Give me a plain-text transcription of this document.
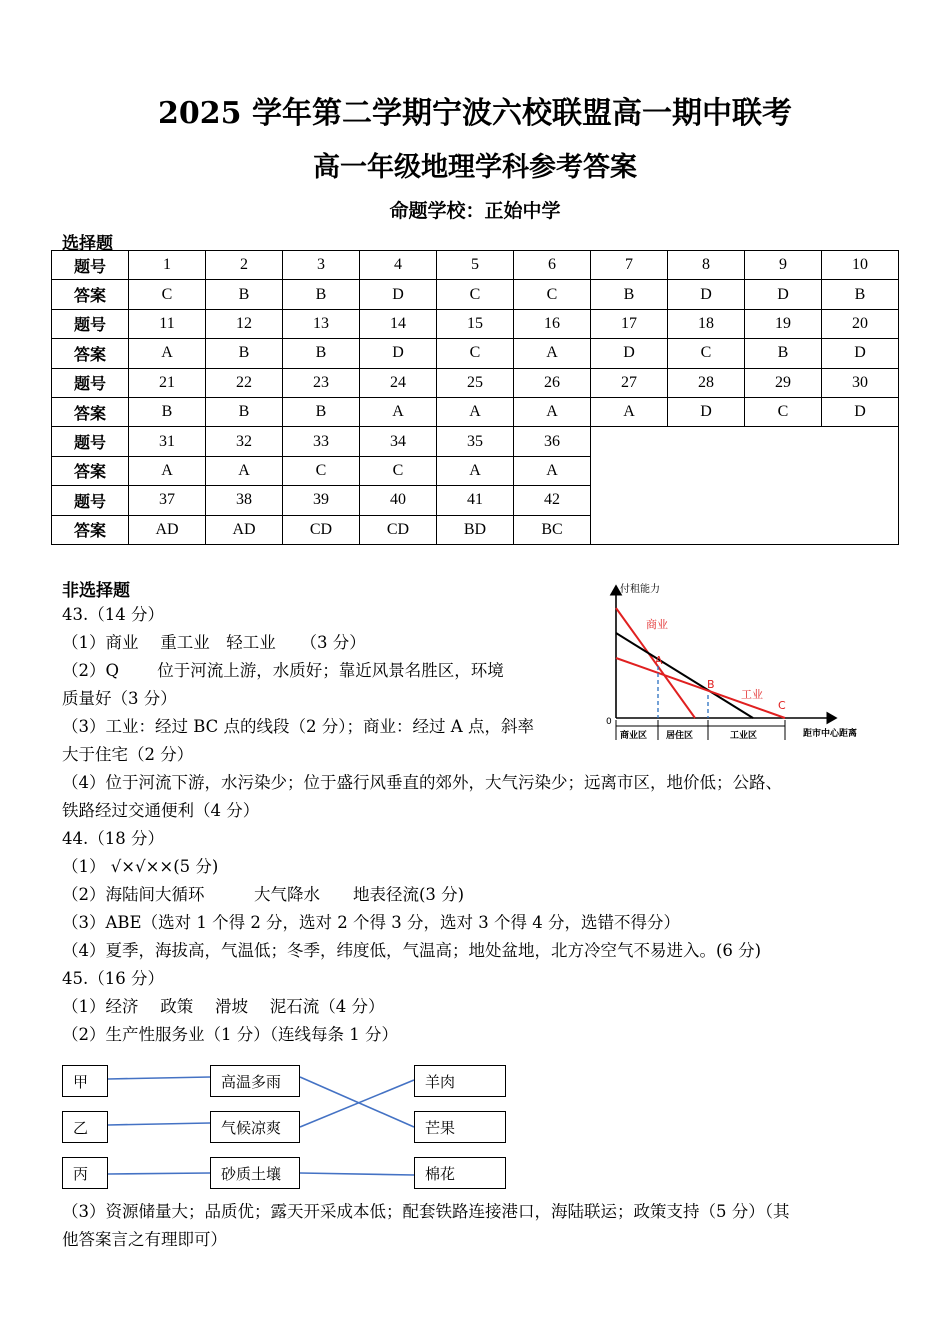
2025 学年第二学期宁波六校联盟高一期中联考
高一年级地理学科参考答案
命题学校：正始中学
选择题
题号	1	2	3	4	5	6	7	8	9	10
答案	C	B	B	D	C	C	B	D	D	B
题号	11	12	13	14	15	16	17	18	19	20
答案	A	B	B	D	C	A	D	C	B	D
题号	21	22	23	24	25	26	27	28	29	30
答案	B	B	B	A	A	A	A	D	C	D
题号	31	32	33	34	35	36				
答案	A	A	C	C	A	A				
题号	37	38	39	40	41	42				
答案	AD	AD	CD	CD	BD	BC				
非选择题
43.（14 分）
（1）商业　 重工业　轻工业　　（3 分）
（2）Q　　 位于河流上游，水质好；靠近风景名胜区，环境
质量好（3 分）
（3）工业：经过 BC 点的线段（2 分）；商业：经过 A 点，斜率
大于住宅（2 分）
（4）位于河流下游，水污染少；位于盛行风垂直的郊外，大气污染少；远离市区，地价低；公路、
铁路经过交通便利（4 分）
44.（18 分）
（1） √×√××(5 分)
（2）海陆间大循环　　　大气降水　　地表径流(3 分)
（3）ABE（选对 1 个得 2 分，选对 2 个得 3 分，选对 3 个得 4 分，选错不得分）
（4）夏季，海拔高，气温低；冬季，纬度低，气温高；地处盆地，北方冷空气不易进入。(6 分)
45.（16 分）
（1）经济　 政策　 滑坡　 泥石流（4 分）
（2）生产性服务业（1 分）（连线每条 1 分）
付租能力
距市中心距离
0
商业
工业
A
B
C
商业区 居住区	工业区
甲
乙
丙
高温多雨
气候凉爽
砂质土壤
羊肉
芒果
棉花
（3）资源储量大；品质优；露天开采成本低；配套铁路连接港口，海陆联运；政策支持（5 分）（其
他答案言之有理即可）
